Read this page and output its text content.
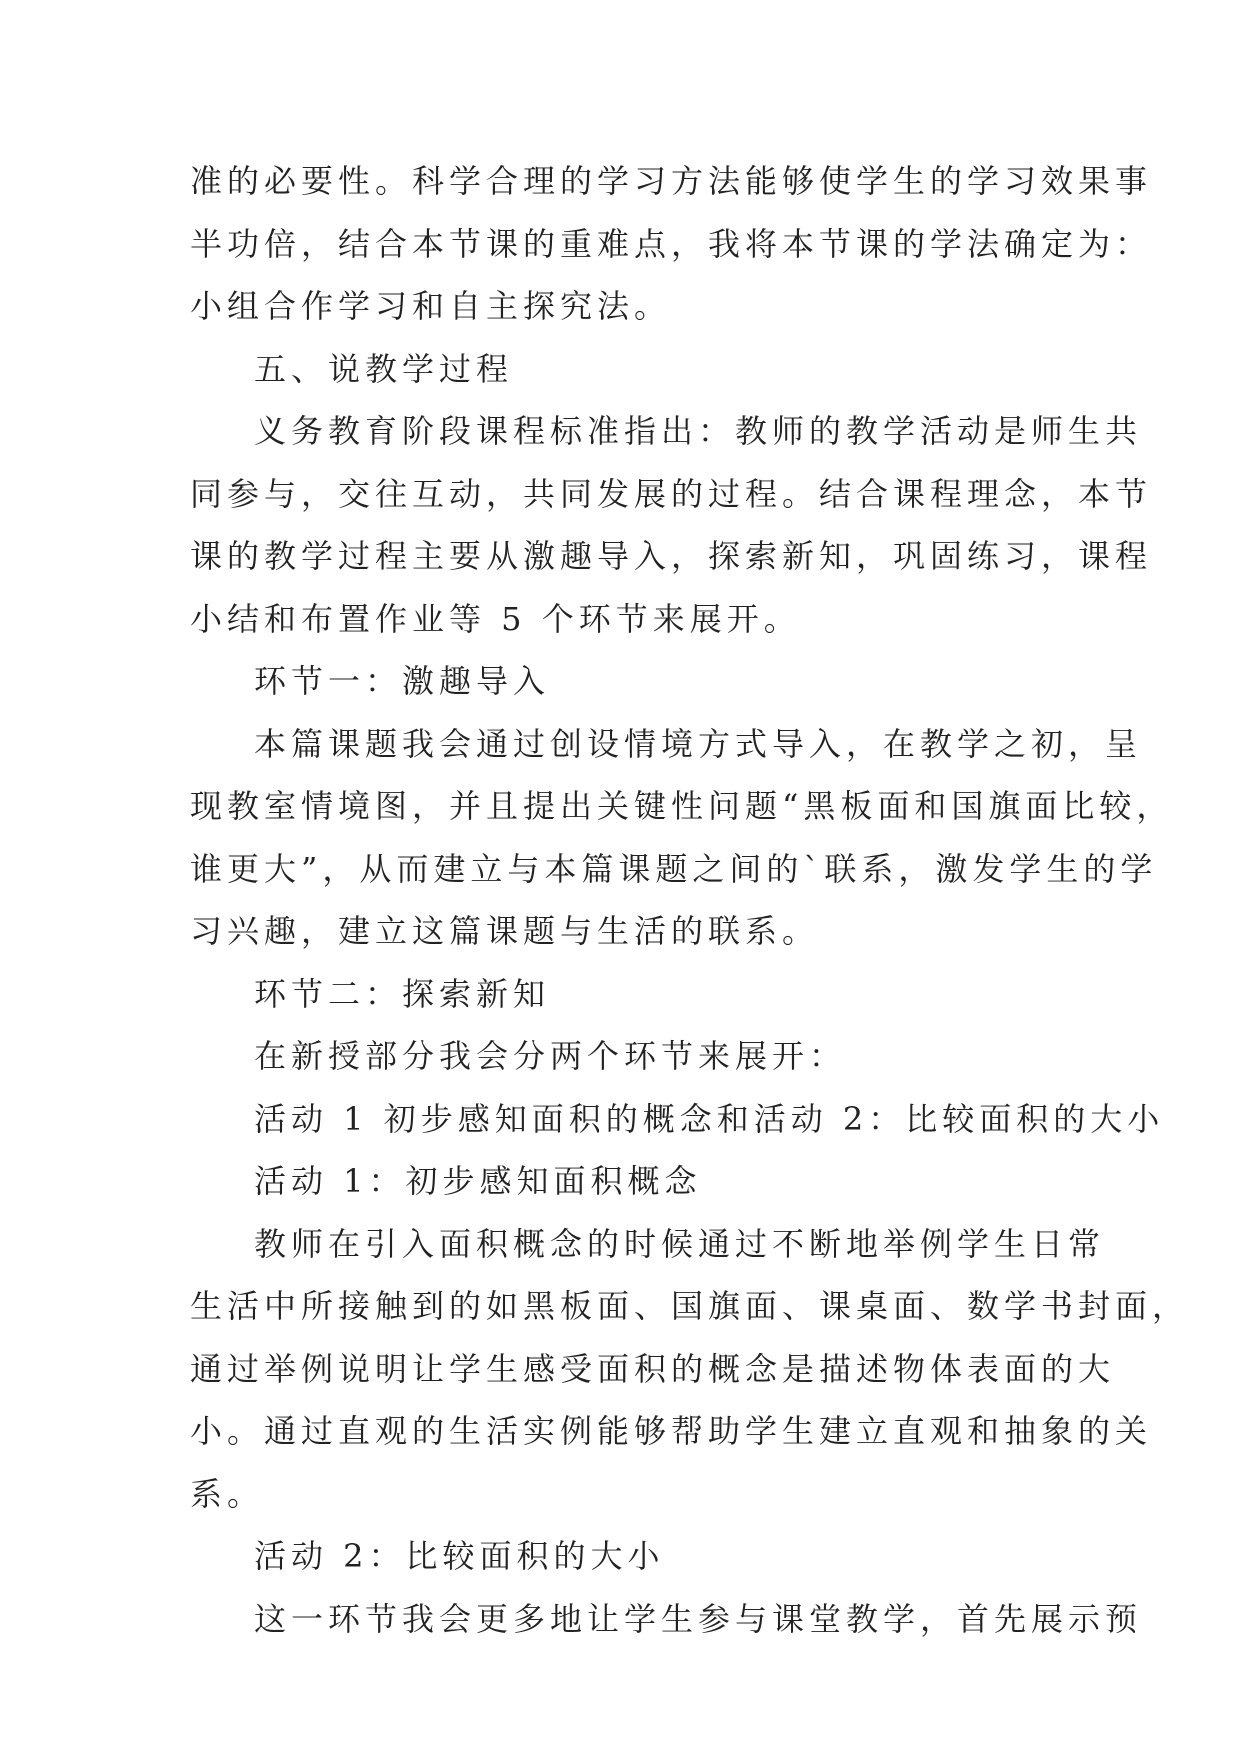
准的必要性。科学合理的学习方法能够使学生的学习效果事
半功倍，结合本节课的重难点，我将本节课的学法确定为：
小组合作学习和自主探究法。
五、说教学过程
义务教育阶段课程标准指出：教师的教学活动是师生共
同参与，交往互动，共同发展的过程。结合课程理念，本节
课的教学过程主要从激趣导入，探索新知，巩固练习，课程
小结和布置作业等 5 个环节来展开。
环节一：激趣导入
本篇课题我会通过创设情境方式导入，在教学之初，呈
现教室情境图，并且提出关键性问题“黑板面和国旗面比较，
谁更大”，从而建立与本篇课题之间的`联系，激发学生的学
习兴趣，建立这篇课题与生活的联系。
环节二：探索新知
在新授部分我会分两个环节来展开：
活动 1 初步感知面积的概念和活动 2：比较面积的大小
活动 1：初步感知面积概念
教师在引入面积概念的时候通过不断地举例学生日常
生活中所接触到的如黑板面、国旗面、课桌面、数学书封面，
通过举例说明让学生感受面积的概念是描述物体表面的大
小。通过直观的生活实例能够帮助学生建立直观和抽象的关
系。
活动 2：比较面积的大小
这一环节我会更多地让学生参与课堂教学，首先展示预
